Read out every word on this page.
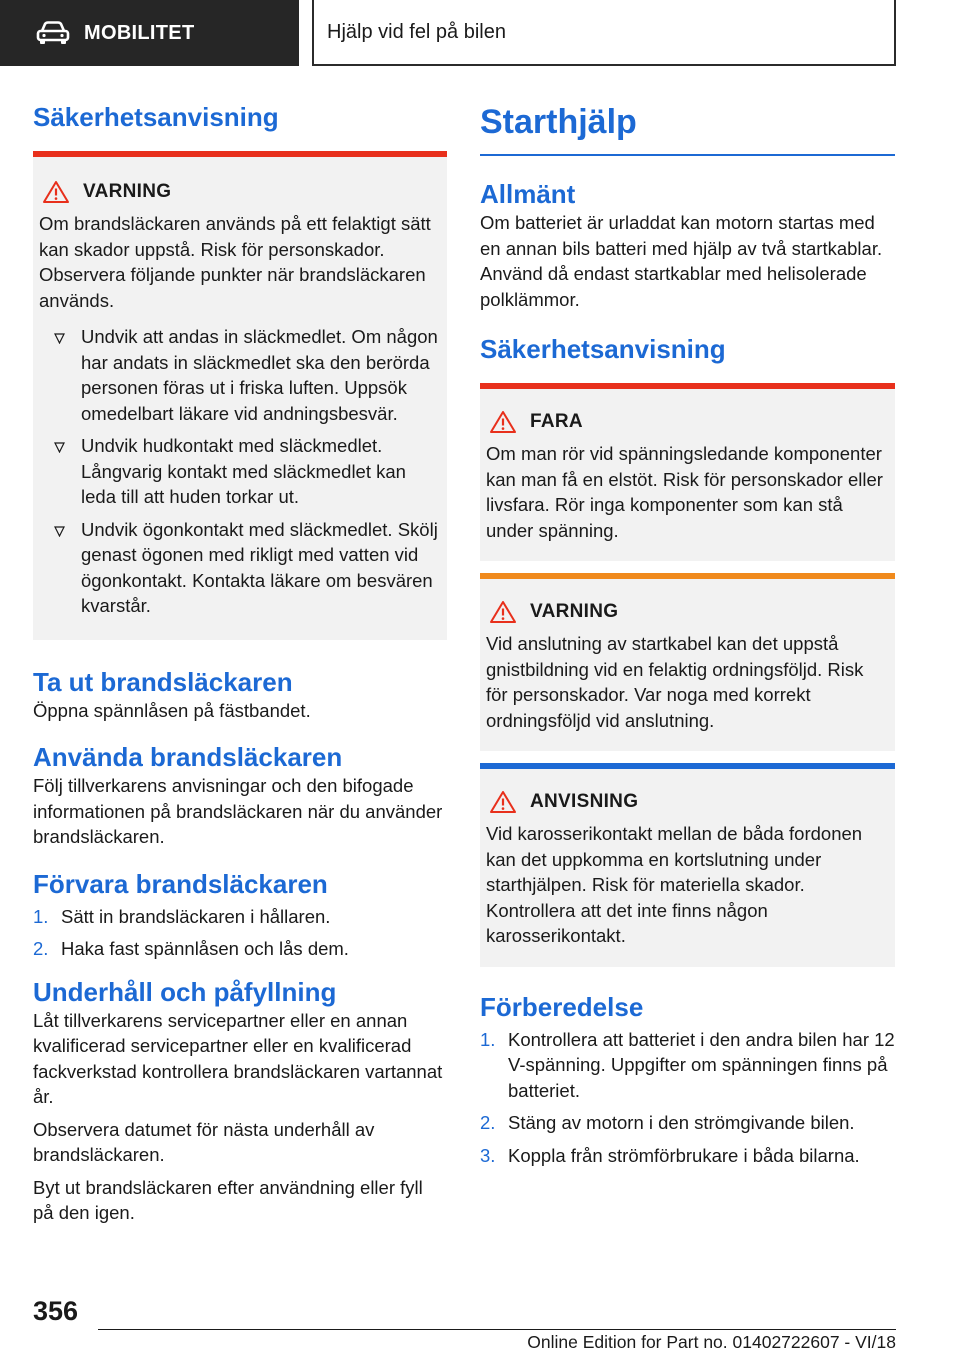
MOBILITET	Hjälp vid fel på bilen
Säkerhetsanvisning
VARNING

Om brandsläckaren används på ett felaktigt sätt kan skador uppstå. Risk för personskador. Observera följande punkter när brandsläckaren används.

Undvik att andas in släckmedlet. Om någon har andats in släckmedlet ska den berörda personen föras ut i friska luften. Uppsök omedelbart läkare vid andningsbesvär.
Undvik hudkontakt med släckmedlet. Långvarig kontakt med släckmedlet kan leda till att huden torkar ut.
Undvik ögonkontakt med släckmedlet. Skölj genast ögonen med rikligt med vatten vid ögonkontakt. Kontakta läkare om besvären kvarstår.
Ta ut brandsläckaren

Öppna spännlåsen på fästbandet.

Använda brandsläckaren

Följ tillverkarens anvisningar och den bifogade informationen på brandsläckaren när du använder brandsläckaren.

Förvara brandsläckaren
1. Sätt in brandsläckaren i hållaren.
2. Haka fast spännlåsen och lås dem.
Underhåll och påfyllning

Låt tillverkarens servicepartner eller en annan kvalificerad servicepartner eller en kvalificerad fackverkstad kontrollera brandsläckaren vartannat år.

Observera datumet för nästa underhåll av brandsläckaren.

Byt ut brandsläckaren efter användning eller fyll på den igen.

Starthjälp
Allmänt

Om batteriet är urladdat kan motorn startas med en annan bils batteri med hjälp av två startkablar. Använd då endast startkablar med helisolerade polklämmor.

Säkerhetsanvisning
FARA

Om man rör vid spänningsledande komponenter kan man få en elstöt. Risk för personskador eller livsfara. Rör inga komponenter som kan stå under spänning.

VARNING

Vid anslutning av startkabel kan det uppstå gnistbildning vid en felaktig ordningsföljd. Risk för personskador. Var noga med korrekt ordningsföljd vid anslutning.

ANVISNING

Vid karosserikontakt mellan de båda fordonen kan det uppkomma en kortslutning under starthjälpen. Risk för materiella skador. Kontrollera att det inte finns någon karosserikontakt.

Förberedelse
1. Kontrollera att batteriet i den andra bilen har 12 V-spänning. Uppgifter om spänningen finns på batteriet.
2. Stäng av motorn i den strömgivande bilen.
3. Koppla från strömförbrukare i båda bilarna.
356
Online Edition for Part no. 01402722607 - VI/18
